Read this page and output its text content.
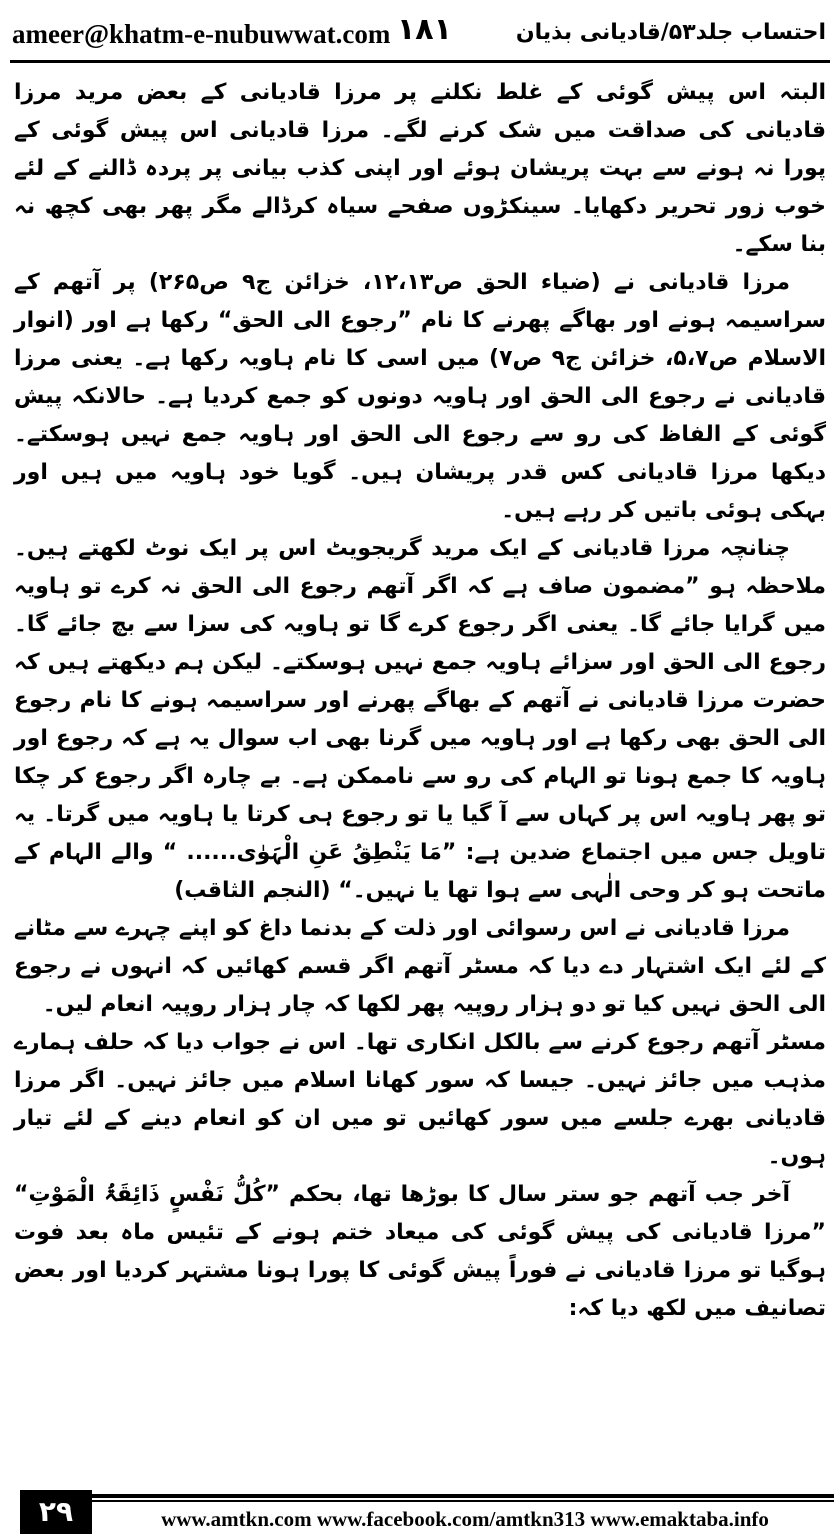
ameer@khatm-e-nubuwwat.com ۱۸۱	احتساب جلد۵۳/قادیانی بذیان

البتہ اس پیش گوئی کے غلط نکلنے پر مرزا قادیانی کے بعض مرید مرزا قادیانی کی صداقت میں شک کرنے لگے۔ مرزا قادیانی اس پیش گوئی کے پورا نہ ہونے سے بہت پریشان ہوئے اور اپنی کذب بیانی پر پردہ ڈالنے کے لئے خوب زور تحریر دکھایا۔ سینکڑوں صفحے سیاہ کرڈالے مگر پھر بھی کچھ نہ بنا سکے۔

مرزا قادیانی نے (ضیاء الحق ص۱۲،۱۳، خزائن ج۹ ص۲۶۵) پر آتھم کے سراسیمہ ہونے اور بھاگے پھرنے کا نام ”رجوع الی الحق“ رکھا ہے اور (انوار الاسلام ص۵،۷، خزائن ج۹ ص۷) میں اسی کا نام ہاویہ رکھا ہے۔ یعنی مرزا قادیانی نے رجوع الی الحق اور ہاویہ دونوں کو جمع کردیا ہے۔ حالانکہ پیش گوئی کے الفاظ کی رو سے رجوع الی الحق اور ہاویہ جمع نہیں ہوسکتے۔ دیکھا مرزا قادیانی کس قدر پریشان ہیں۔ گویا خود ہاویہ میں ہیں اور بہکی ہوئی باتیں کر رہے ہیں۔

چنانچہ مرزا قادیانی کے ایک مرید گریجویٹ اس پر ایک نوٹ لکھتے ہیں۔ ملاحظہ ہو ”مضمون صاف ہے کہ اگر آتھم رجوع الی الحق نہ کرے تو ہاویہ میں گرایا جائے گا۔ یعنی اگر رجوع کرے گا تو ہاویہ کی سزا سے بچ جائے گا۔ رجوع الی الحق اور سزائے ہاویہ جمع نہیں ہوسکتے۔ لیکن ہم دیکھتے ہیں کہ حضرت مرزا قادیانی نے آتھم کے بھاگے پھرنے اور سراسیمہ ہونے کا نام رجوع الی الحق بھی رکھا ہے اور ہاویہ میں گرنا بھی اب سوال یہ ہے کہ رجوع اور ہاویہ کا جمع ہونا تو الہام کی رو سے ناممکن ہے۔ بے چارہ اگر رجوع کر چکا تو پھر ہاویہ اس پر کہاں سے آ گیا یا تو رجوع ہی کرتا یا ہاویہ میں گرتا۔ یہ تاویل جس میں اجتماع ضدین ہے: ”مَا یَنْطِقُ عَنِ الْہَوٰی...... “ والے الہام کے ماتحت ہو کر وحی الٰہی سے ہوا تھا یا نہیں۔“ (النجم الثاقب)

مرزا قادیانی نے اس رسوائی اور ذلت کے بدنما داغ کو اپنے چہرے سے مٹانے کے لئے ایک اشتہار دے دیا کہ مسٹر آتھم اگر قسم کھائیں کہ انہوں نے رجوع الی الحق نہیں کیا تو دو ہزار روپیہ پھر لکھا کہ چار ہزار روپیہ انعام لیں۔

مسٹر آتھم رجوع کرنے سے بالکل انکاری تھا۔ اس نے جواب دیا کہ حلف ہمارے مذہب میں جائز نہیں۔ جیسا کہ سور کھانا اسلام میں جائز نہیں۔ اگر مرزا قادیانی بھرے جلسے میں سور کھائیں تو میں ان کو انعام دینے کے لئے تیار ہوں۔

آخر جب آتھم جو ستر سال کا بوڑھا تھا، بحکم ”کُلُّ نَفْسٍ ذَائِقَۃُ الْمَوْتِ“ ”مرزا قادیانی کی پیش گوئی کی میعاد ختم ہونے کے تئیس ماہ بعد فوت ہوگیا تو مرزا قادیانی نے فوراً پیش گوئی کا پورا ہونا مشتہر کردیا اور بعض تصانیف میں لکھ دیا کہ:

۲۹	www.amtkn.com www.facebook.com/amtkn313 www.emaktaba.info
